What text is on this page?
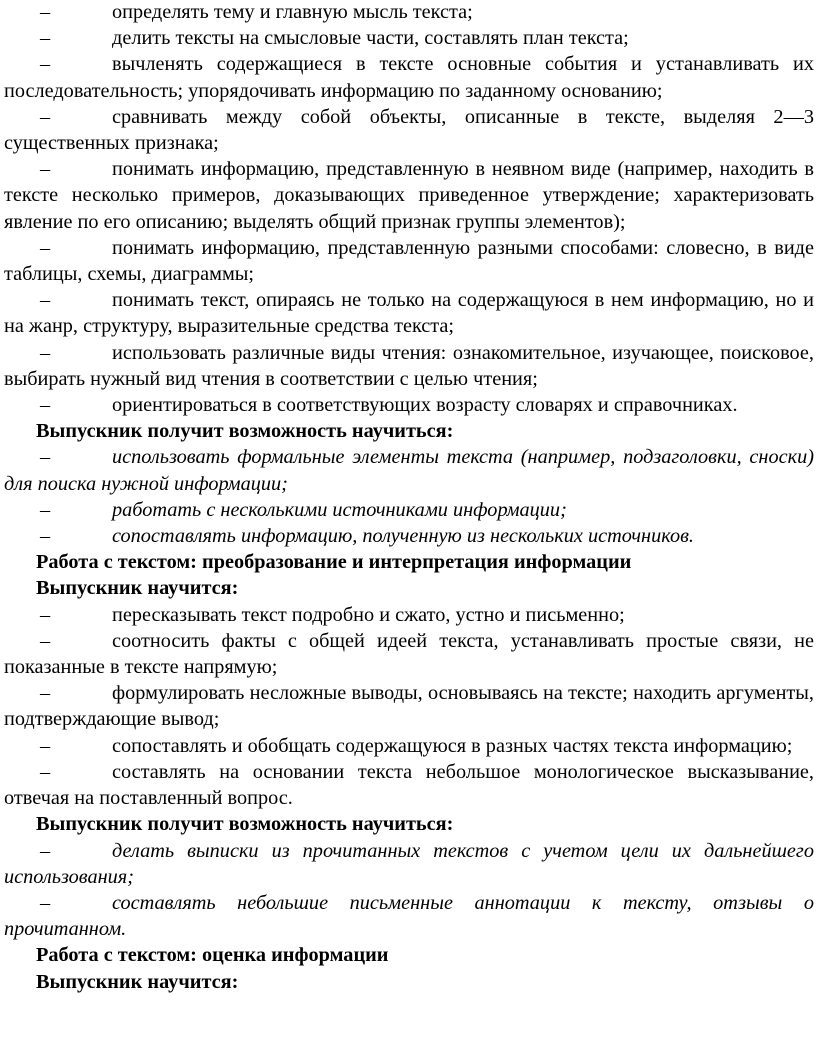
–	определять тему и главную мысль текста;

–	делить тексты на смысловые части, составлять план текста;

–	вычленять содержащиеся в тексте основные события и устанавливать их последовательность; упорядочивать информацию по заданному основанию;

–	сравнивать между собой объекты, описанные в тексте, выделяя 2—3 существенных признака;

–	понимать информацию, представленную в неявном виде (например, находить в тексте несколько примеров, доказывающих приведенное утверждение; характеризовать явление по его описанию; выделять общий признак группы элементов);

–	понимать информацию, представленную разными способами: словесно, в виде таблицы, схемы, диаграммы;

–	понимать текст, опираясь не только на содержащуюся в нем информацию, но и на жанр, структуру, выразительные средства текста;

–	использовать различные виды чтения: ознакомительное, изучающее, поисковое, выбирать нужный вид чтения в соответствии с целью чтения;

–	ориентироваться в соответствующих возрасту словарях и справочниках.

Выпускник получит возможность научиться:

–	использовать формальные элементы текста (например, подзаголовки, сноски) для поиска нужной информации;

–	работать с несколькими источниками информации;

–	сопоставлять информацию, полученную из нескольких источников.

Работа с текстом: преобразование и интерпретация информации

Выпускник научится:

–	пересказывать текст подробно и сжато, устно и письменно;

–	соотносить факты с общей идеей текста, устанавливать простые связи, не показанные в тексте напрямую;

–	формулировать несложные выводы, основываясь на тексте; находить аргументы, подтверждающие вывод;

–	сопоставлять и обобщать содержащуюся в разных частях текста информацию;

–	составлять на основании текста небольшое монологическое высказывание, отвечая на поставленный вопрос.

Выпускник получит возможность научиться:

–	делать выписки из прочитанных текстов с учетом цели их дальнейшего использования;

–	составлять небольшие письменные аннотации к тексту, отзывы о прочитанном.

Работа с текстом: оценка информации

Выпускник научится:
